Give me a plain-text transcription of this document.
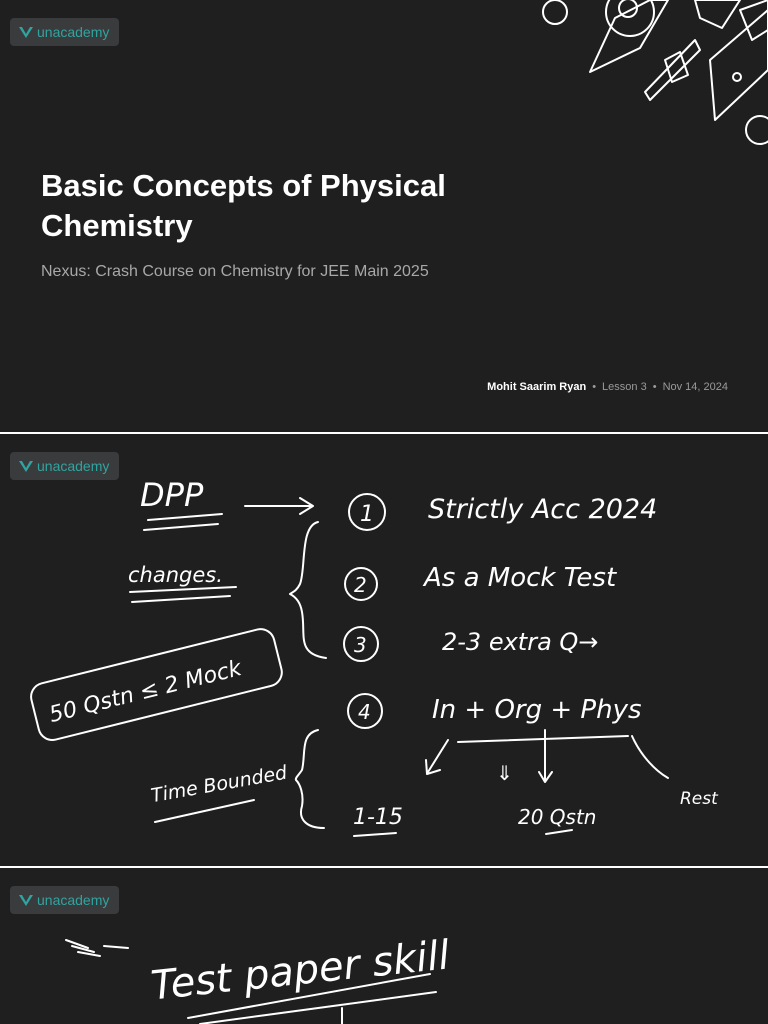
unacademy
Basic Concepts of Physical Chemistry

Nexus: Crash Course on Chemistry for JEE Main 2025

Mohit Saarim Ryan • Lesson 3 • Nov 14, 2024
unacademy
DPP
changes.
1
2
3
4
Strictly Acc 2024
As a Mock Test
2-3 extra Q→
In + Org + Phys
50 Qstn ≤ 2 Mock
Time Bounded	⇓
1-15	20 Qstn
Rest
unacademy
Test paper skill
